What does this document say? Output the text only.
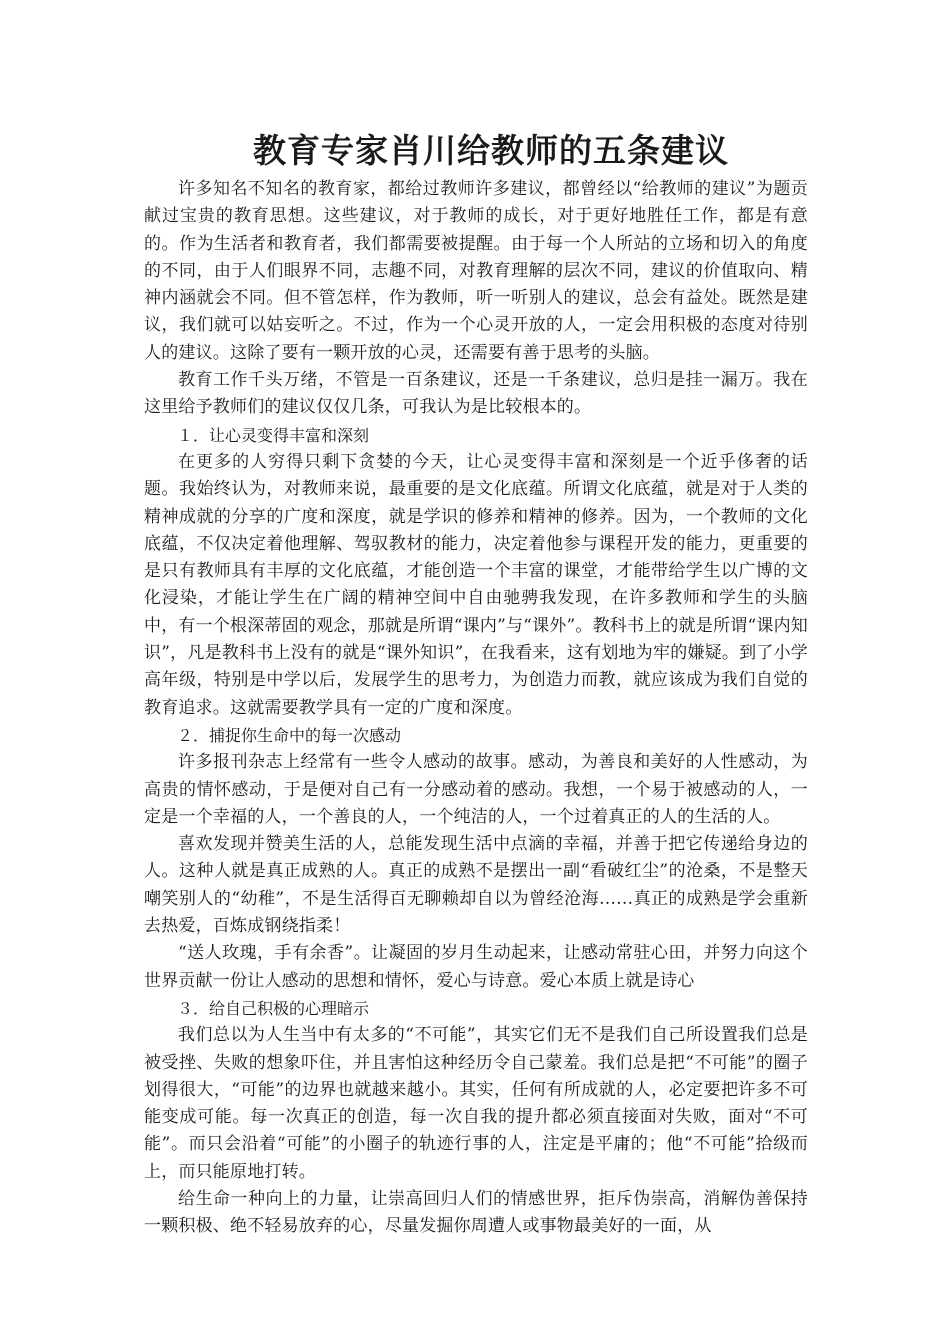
教育专家肖川给教师的五条建议

许多知名不知名的教育家，都给过教师许多建议，都曾经以“给教师的建议”为题贡献过宝贵的教育思想。这些建议，对于教师的成长，对于更好地胜任工作，都是有意的。作为生活者和教育者，我们都需要被提醒。由于每一个人所站的立场和切入的角度的不同，由于人们眼界不同，志趣不同，对教育理解的层次不同，建议的价值取向、精神内涵就会不同。但不管怎样，作为教师，听一听别人的建议，总会有益处。既然是建议，我们就可以姑妄听之。不过，作为一个心灵开放的人，一定会用积极的态度对待别人的建议。这除了要有一颗开放的心灵，还需要有善于思考的头脑。

教育工作千头万绪，不管是一百条建议，还是一千条建议，总归是挂一漏万。我在这里给予教师们的建议仅仅几条，可我认为是比较根本的。

１．让心灵变得丰富和深刻

在更多的人穷得只剩下贪婪的今天，让心灵变得丰富和深刻是一个近乎侈奢的话题。我始终认为，对教师来说，最重要的是文化底蕴。所谓文化底蕴，就是对于人类的精神成就的分享的广度和深度，就是学识的修养和精神的修养。因为，一个教师的文化底蕴，不仅决定着他理解、驾驭教材的能力，决定着他参与课程开发的能力，更重要的是只有教师具有丰厚的文化底蕴，才能创造一个丰富的课堂，才能带给学生以广博的文化浸染，才能让学生在广阔的精神空间中自由驰骋我发现，在许多教师和学生的头脑中，有一个根深蒂固的观念，那就是所谓“课内”与“课外”。教科书上的就是所谓“课内知识”，凡是教科书上没有的就是“课外知识”，在我看来，这有划地为牢的嫌疑。到了小学高年级，特别是中学以后，发展学生的思考力，为创造力而教，就应该成为我们自觉的教育追求。这就需要教学具有一定的广度和深度。

２．捕捉你生命中的每一次感动

许多报刊杂志上经常有一些令人感动的故事。感动，为善良和美好的人性感动，为高贵的情怀感动，于是便对自己有一分感动着的感动。我想，一个易于被感动的人，一定是一个幸福的人，一个善良的人，一个纯洁的人，一个过着真正的人的生活的人。

喜欢发现并赞美生活的人，总能发现生活中点滴的幸福，并善于把它传递给身边的人。这种人就是真正成熟的人。真正的成熟不是摆出一副“看破红尘”的沧桑，不是整天嘲笑别人的“幼稚”，不是生活得百无聊赖却自以为曾经沧海……真正的成熟是学会重新去热爱，百炼成钢绕指柔！

“送人玫瑰，手有余香”。让凝固的岁月生动起来，让感动常驻心田，并努力向这个世界贡献一份让人感动的思想和情怀，爱心与诗意。爱心本质上就是诗心

３．给自己积极的心理暗示

我们总以为人生当中有太多的“不可能”，其实它们无不是我们自己所设置我们总是被受挫、失败的想象吓住，并且害怕这种经历令自己蒙羞。我们总是把“不可能”的圈子划得很大，“可能”的边界也就越来越小。其实，任何有所成就的人，必定要把许多不可能变成可能。每一次真正的创造，每一次自我的提升都必须直接面对失败，面对“不可能”。而只会沿着“可能”的小圈子的轨迹行事的人，注定是平庸的；他“不可能”拾级而上，而只能原地打转。

给生命一种向上的力量，让崇高回归人们的情感世界，拒斥伪崇高，消解伪善保持一颗积极、绝不轻易放弃的心，尽量发掘你周遭人或事物最美好的一面，从
